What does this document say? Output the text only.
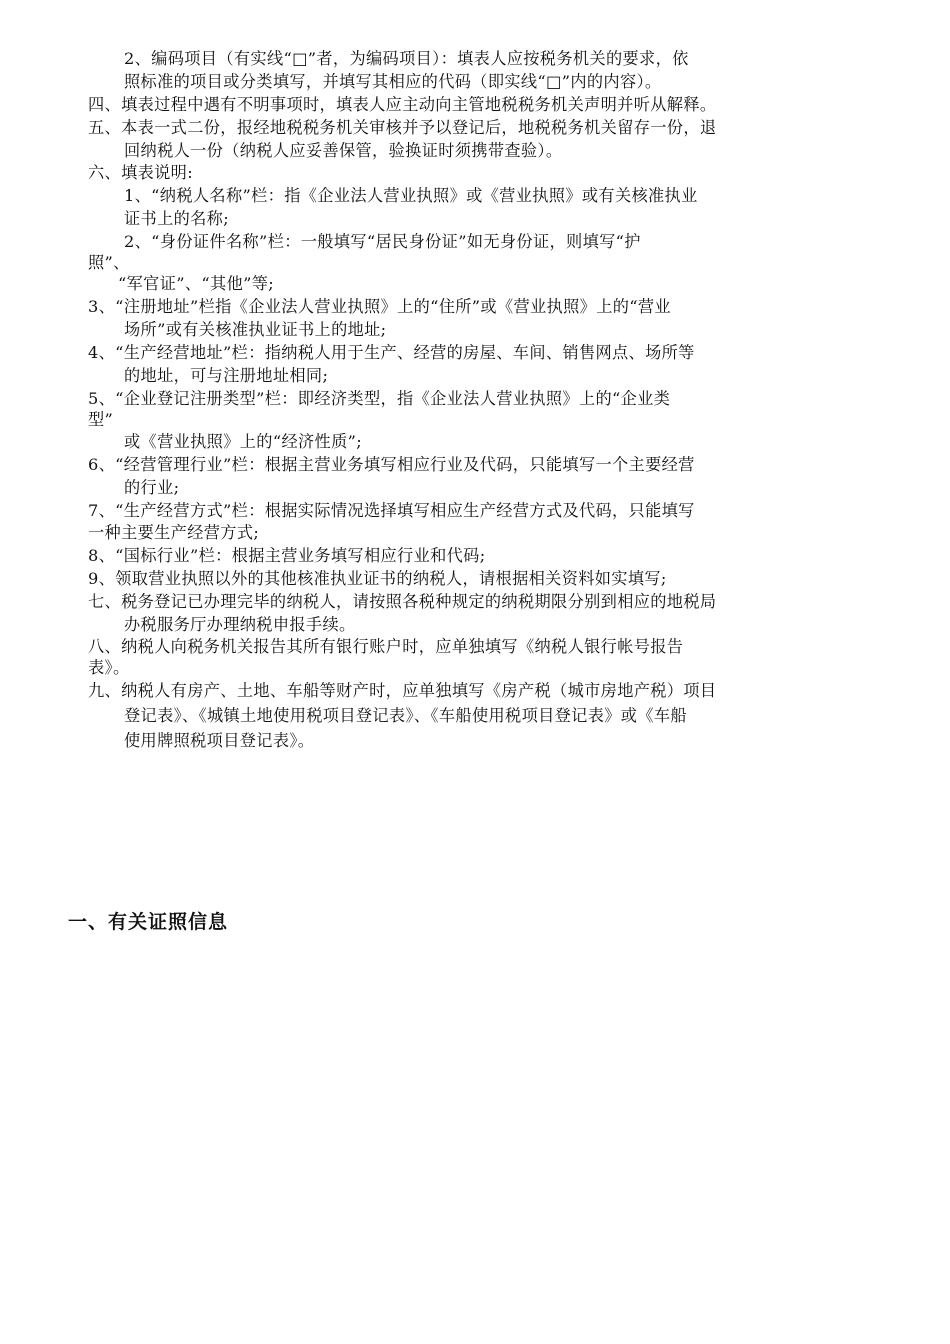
2、编码项目（有实线“□”者，为编码项目）：填表人应按税务机关的要求，依
照标准的项目或分类填写，并填写其相应的代码（即实线“□”内的内容）。
四、填表过程中遇有不明事项时，填表人应主动向主管地税税务机关声明并听从解释。
五、本表一式二份，报经地税税务机关审核并予以登记后，地税税务机关留存一份，退
回纳税人一份（纳税人应妥善保管，验换证时须携带查验）。
六、填表说明:
1、“纳税人名称”栏：指《企业法人营业执照》或《营业执照》或有关核准执业
证书上的名称;
2、“身份证件名称”栏：一般填写“居民身份证”如无身份证，则填写“护
照”、
“军官证”、“其他”等;
3、“注册地址”栏指《企业法人营业执照》上的“住所”或《营业执照》上的“营业
场所”或有关核准执业证书上的地址;
4、“生产经营地址”栏：指纳税人用于生产、经营的房屋、车间、销售网点、场所等
的地址，可与注册地址相同;
5、“企业登记注册类型”栏：即经济类型，指《企业法人营业执照》上的“企业类
型”
或《营业执照》上的“经济性质”;
6、“经营管理行业”栏：根据主营业务填写相应行业及代码，只能填写一个主要经营
的行业;
7、“生产经营方式”栏：根据实际情况选择填写相应生产经营方式及代码，只能填写
一种主要生产经营方式;
8、“国标行业”栏：根据主营业务填写相应行业和代码;
9、领取营业执照以外的其他核准执业证书的纳税人，请根据相关资料如实填写;
七、税务登记已办理完毕的纳税人，请按照各税种规定的纳税期限分别到相应的地税局
办税服务厅办理纳税申报手续。
八、纳税人向税务机关报告其所有银行账户时，应单独填写《纳税人银行帐号报告
表》。
九、纳税人有房产、土地、车船等财产时，应单独填写《房产税（城市房地产税）项目
登记表》、《城镇土地使用税项目登记表》、《车船使用税项目登记表》或《车船
使用牌照税项目登记表》。
一、有关证照信息
